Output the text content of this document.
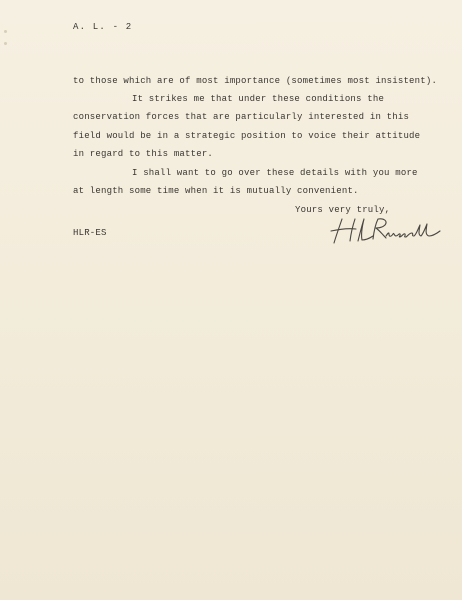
A. L. - 2
to those which are of most importance (sometimes most insistent).
It strikes me that under these conditions the
conservation forces that are particularly interested in this
field would be in a strategic position to voice their attitude
in regard to this matter.
I shall want to go over these details with you more
at length some time when it is mutually convenient.
Yours very truly,
HLR-ES
